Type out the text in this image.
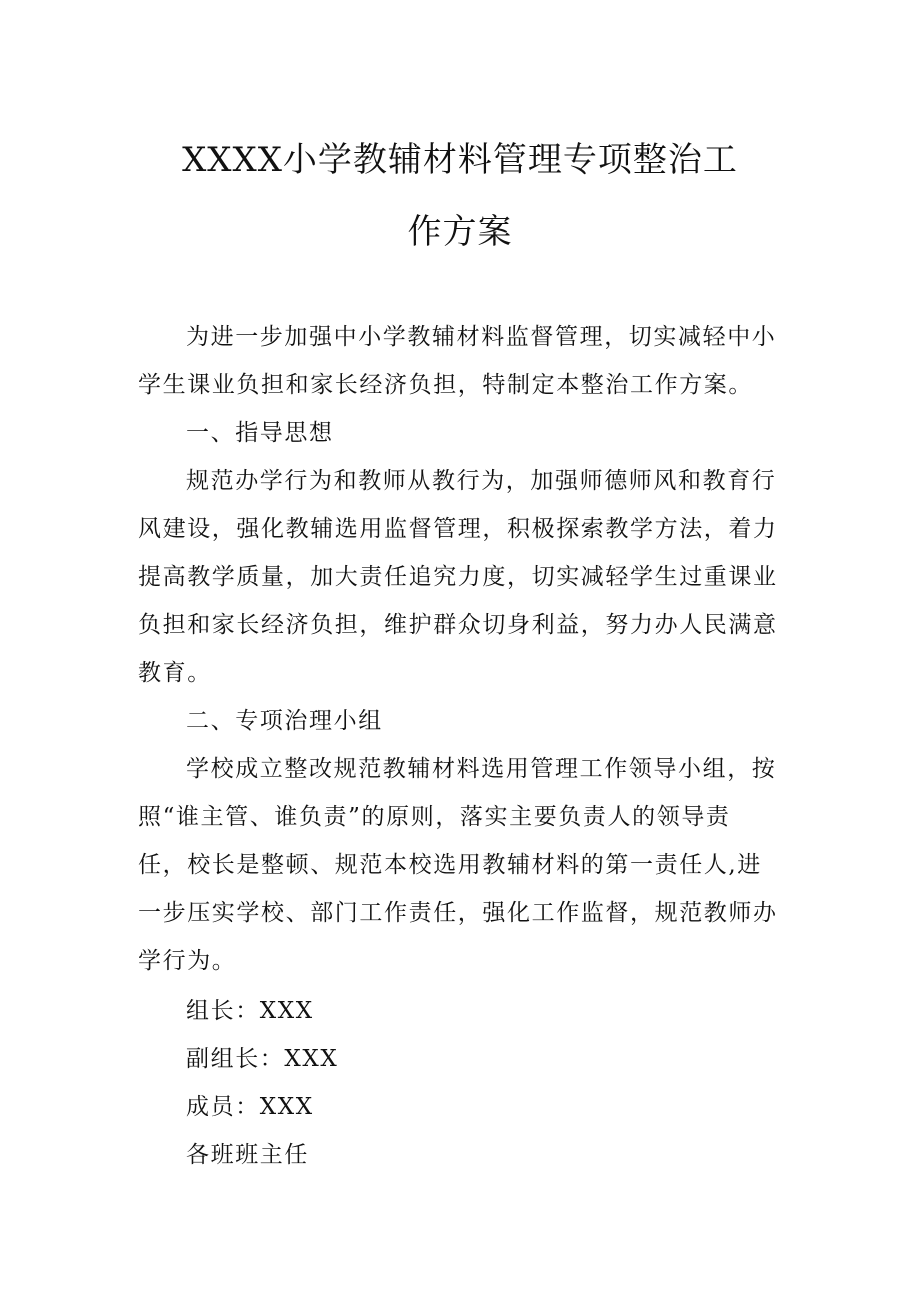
XXXX小学教辅材料管理专项整治工
作方案
为进一步加强中小学教辅材料监督管理，切实减轻中小
学生课业负担和家长经济负担，特制定本整治工作方案。
一、指导思想
规范办学行为和教师从教行为，加强师德师风和教育行
风建设，强化教辅选用监督管理，积极探索教学方法，着力
提高教学质量，加大责任追究力度，切实减轻学生过重课业
负担和家长经济负担，维护群众切身利益，努力办人民满意
教育。
二、专项治理小组
学校成立整改规范教辅材料选用管理工作领导小组，按
照“谁主管、谁负责”的原则，落实主要负责人的领导责
任，校长是整顿、规范本校选用教辅材料的第一责任人,进
一步压实学校、部门工作责任，强化工作监督，规范教师办
学行为。
组长：XXX
副组长：XXX
成员：XXX
各班班主任
